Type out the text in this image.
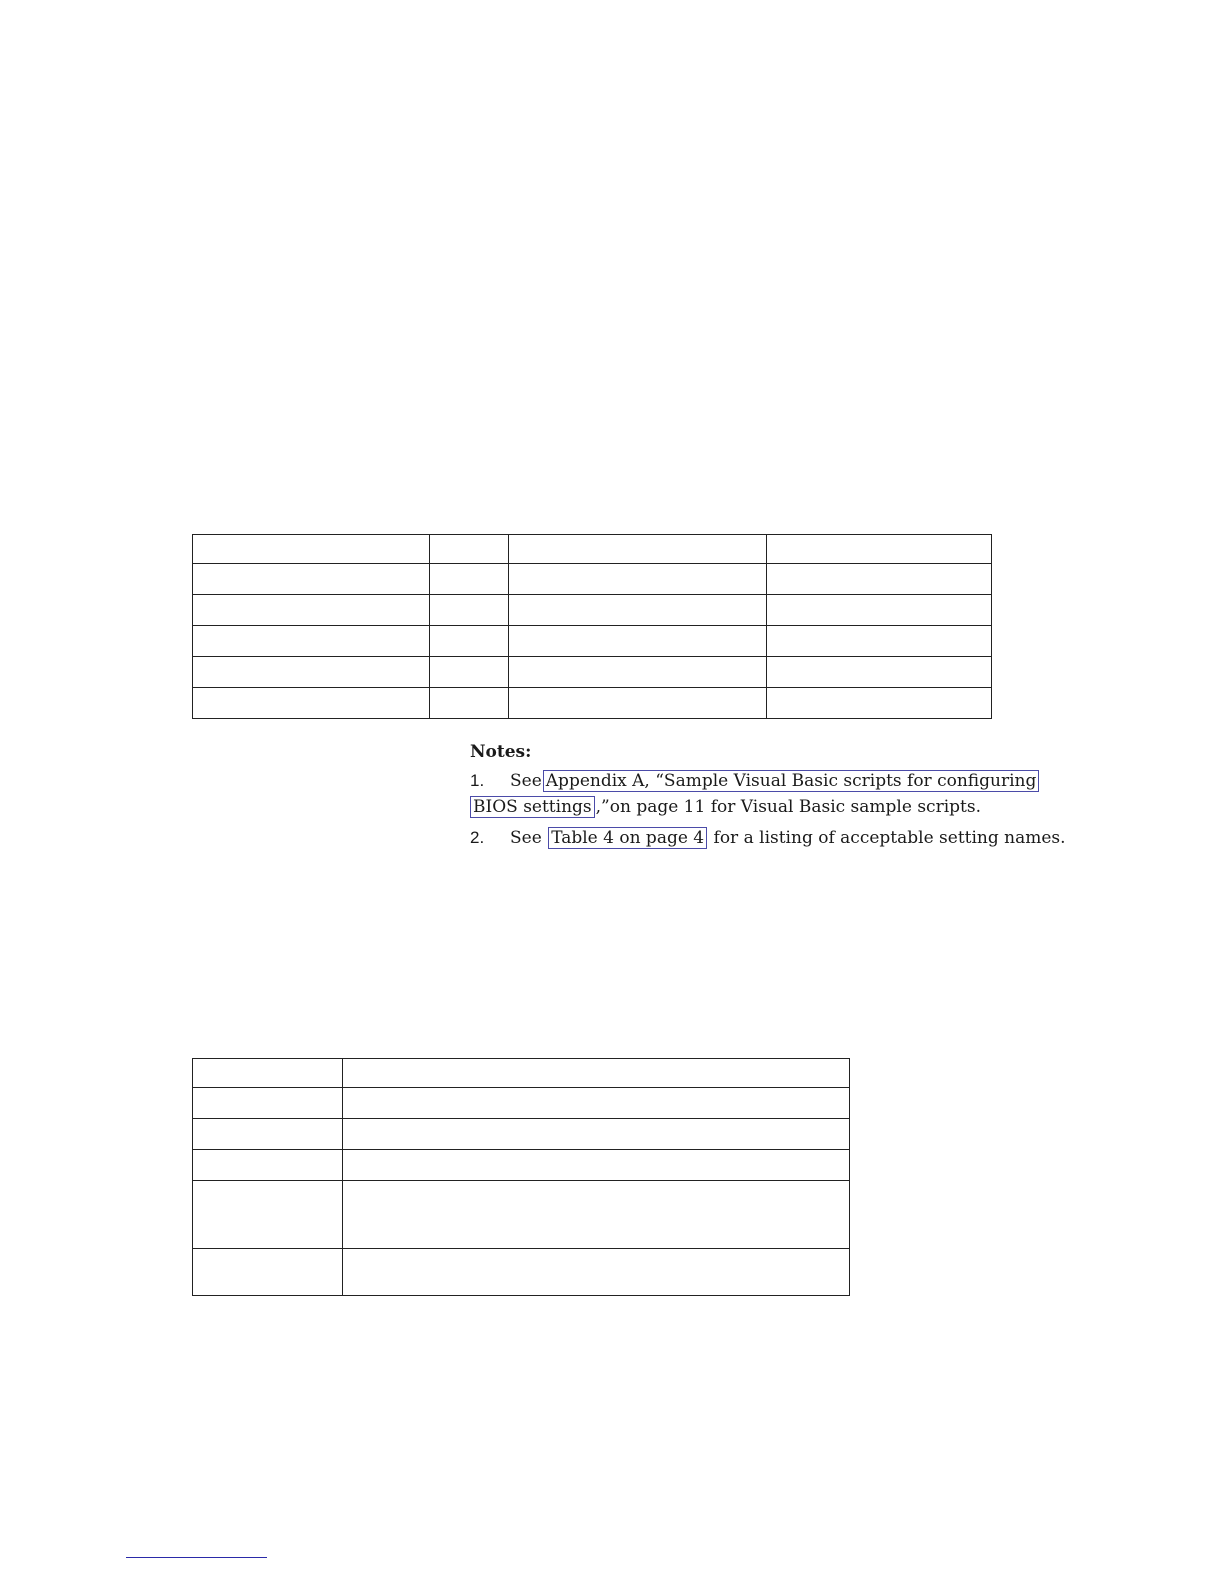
Notes:
1. See Appendix A, “Sample Visual Basic scripts for configuring
BIOS settings ,”on page 11 for Visual Basic sample scripts.
2. See Table 4 on page 4 for a listing of acceptable setting names.
